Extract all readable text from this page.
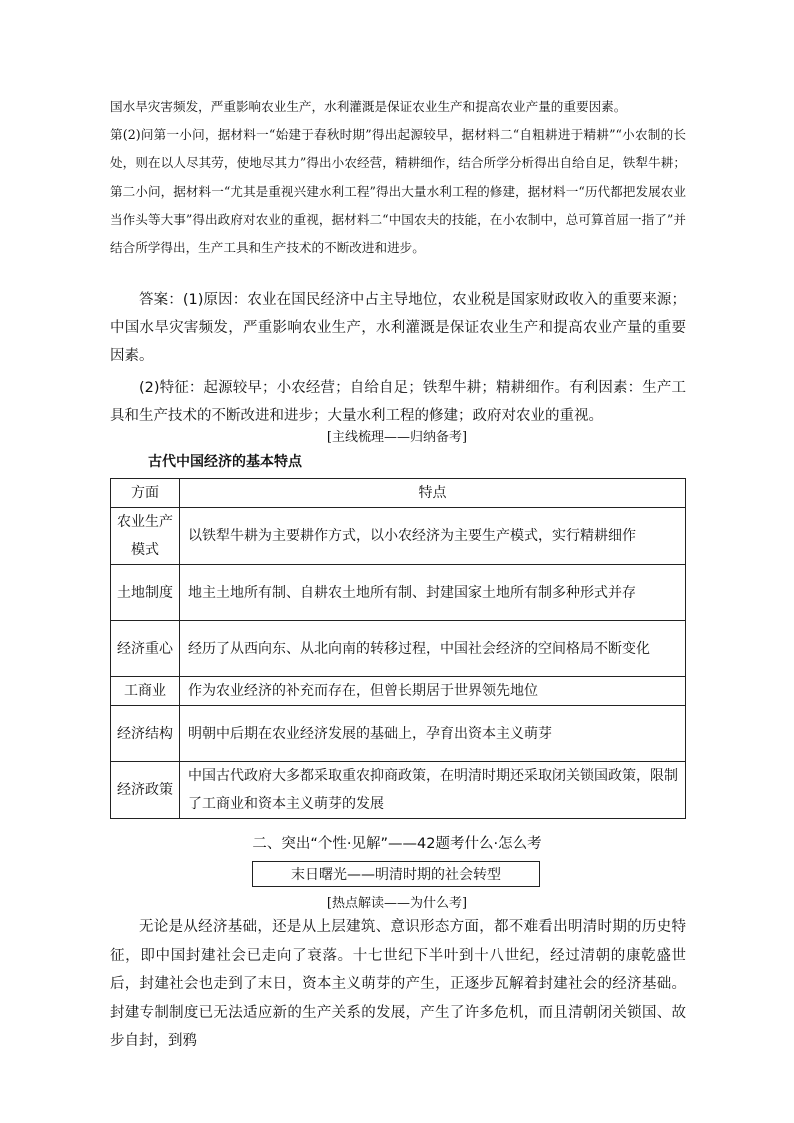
国水旱灾害频发，严重影响农业生产，水利灌溉是保证农业生产和提高农业产量的重要因素。

第(2)问第一小问，据材料一“始建于春秋时期”得出起源较早，据材料二“自粗耕进于精耕”“小农制的长处，则在以人尽其劳，使地尽其力”得出小农经营，精耕细作，结合所学分析得出自给自足，铁犁牛耕；第二小问，据材料一“尤其是重视兴建水利工程”得出大量水利工程的修建，据材料一“历代都把发展农业当作头等大事”得出政府对农业的重视，据材料二“中国农夫的技能，在小农制中，总可算首屈一指了”并结合所学得出，生产工具和生产技术的不断改进和进步。

答案：(1)原因：农业在国民经济中占主导地位，农业税是国家财政收入的重要来源；中国水旱灾害频发，严重影响农业生产，水利灌溉是保证农业生产和提高农业产量的重要因素。

(2)特征：起源较早；小农经营；自给自足；铁犁牛耕；精耕细作。有利因素：生产工具和生产技术的不断改进和进步；大量水利工程的修建；政府对农业的重视。

[主线梳理——归纳备考]
古代中国经济的基本特点
方面	特点
农业生产模式	以铁犁牛耕为主要耕作方式，以小农经济为主要生产模式，实行精耕细作
土地制度	地主土地所有制、自耕农土地所有制、封建国家土地所有制多种形式并存
经济重心	经历了从西向东、从北向南的转移过程，中国社会经济的空间格局不断变化
工商业	作为农业经济的补充而存在，但曾长期居于世界领先地位
经济结构	明朝中后期在农业经济发展的基础上，孕育出资本主义萌芽
经济政策	中国古代政府大多都采取重农抑商政策，在明清时期还采取闭关锁国政策，限制了工商业和资本主义萌芽的发展
二、突出“个性·见解”——42题考什么·怎么考
末日曙光——明清时期的社会转型
[热点解读——为什么考]

无论是从经济基础，还是从上层建筑、意识形态方面，都不难看出明清时期的历史特征，即中国封建社会已走向了衰落。十七世纪下半叶到十八世纪，经过清朝的康乾盛世后，封建社会也走到了末日，资本主义萌芽的产生，正逐步瓦解着封建社会的经济基础。封建专制制度已无法适应新的生产关系的发展，产生了许多危机，而且清朝闭关锁国、故步自封，到鸦
